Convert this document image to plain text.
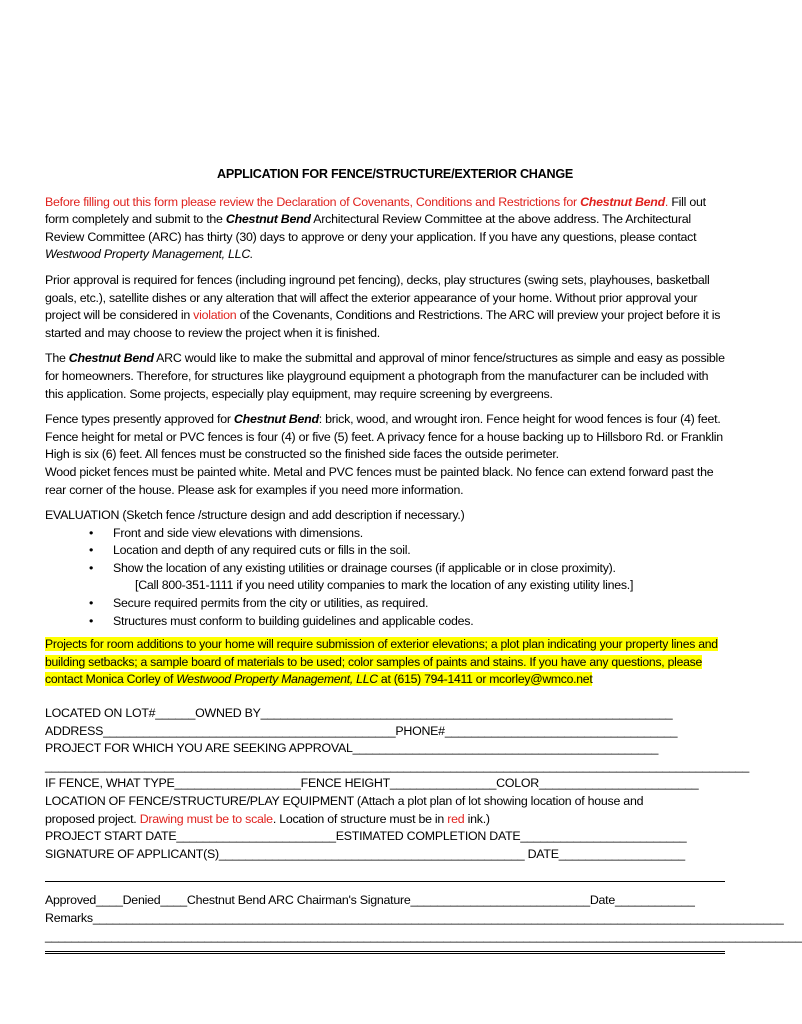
APPLICATION FOR FENCE/STRUCTURE/EXTERIOR CHANGE

Before filling out this form please review the Declaration of Covenants, Conditions and Restrictions for Chestnut Bend. Fill out form completely and submit to the Chestnut Bend Architectural Review Committee at the above address. The Architectural Review Committee (ARC) has thirty (30) days to approve or deny your application. If you have any questions, please contact Westwood Property Management, LLC.

Prior approval is required for fences (including inground pet fencing), decks, play structures (swing sets, playhouses, basketball goals, etc.), satellite dishes or any alteration that will affect the exterior appearance of your home. Without prior approval your project will be considered in violation of the Covenants, Conditions and Restrictions. The ARC will preview your project before it is started and may choose to review the project when it is finished.

The Chestnut Bend ARC would like to make the submittal and approval of minor fence/structures as simple and easy as possible for homeowners. Therefore, for structures like playground equipment a photograph from the manufacturer can be included with this application. Some projects, especially play equipment, may require screening by evergreens.

Fence types presently approved for Chestnut Bend: brick, wood, and wrought iron. Fence height for wood fences is four (4) feet. Fence height for metal or PVC fences is four (4) or five (5) feet. A privacy fence for a house backing up to Hillsboro Rd. or Franklin High is six (6) feet. All fences must be constructed so the finished side faces the outside perimeter.
Wood picket fences must be painted white. Metal and PVC fences must be painted black. No fence can extend forward past the rear corner of the house. Please ask for examples if you need more information.

EVALUATION (Sketch fence /structure design and add description if necessary.)
• Front and side view elevations with dimensions.
• Location and depth of any required cuts or fills in the soil.
• Show the location of any existing utilities or drainage courses (if applicable or in close proximity).
[Call 800-351-1111 if you need utility companies to mark the location of any existing utility lines.]
• Secure required permits from the city or utilities, as required.
• Structures must conform to building guidelines and applicable codes.
Projects for room additions to your home will require submission of exterior elevations; a plot plan indicating your property lines and building setbacks; a sample board of materials to be used; color samples of paints and stains. If you have any questions, please contact Monica Corley of Westwood Property Management, LLC at (615) 794-1411 or mcorley@wmco.net
LOCATED ON LOT#______OWNED BY______________________________________________________________
ADDRESS____________________________________________PHONE#___________________________________
PROJECT FOR WHICH YOU ARE SEEKING APPROVAL______________________________________________
__________________________________________________________________________________________________________
IF FENCE, WHAT TYPE___________________FENCE HEIGHT________________COLOR________________________
LOCATION OF FENCE/STRUCTURE/PLAY EQUIPMENT (Attach a plot plan of lot showing location of house and
proposed project. Drawing must be to scale. Location of structure must be in red ink.)
PROJECT START DATE________________________ESTIMATED COMPLETION DATE_________________________
SIGNATURE OF APPLICANT(S)______________________________________________ DATE___________________
Approved____Denied____Chestnut Bend ARC Chairman's Signature___________________________Date____________
Remarks________________________________________________________________________________________________________
__________________________________________________________________________________________________________________
